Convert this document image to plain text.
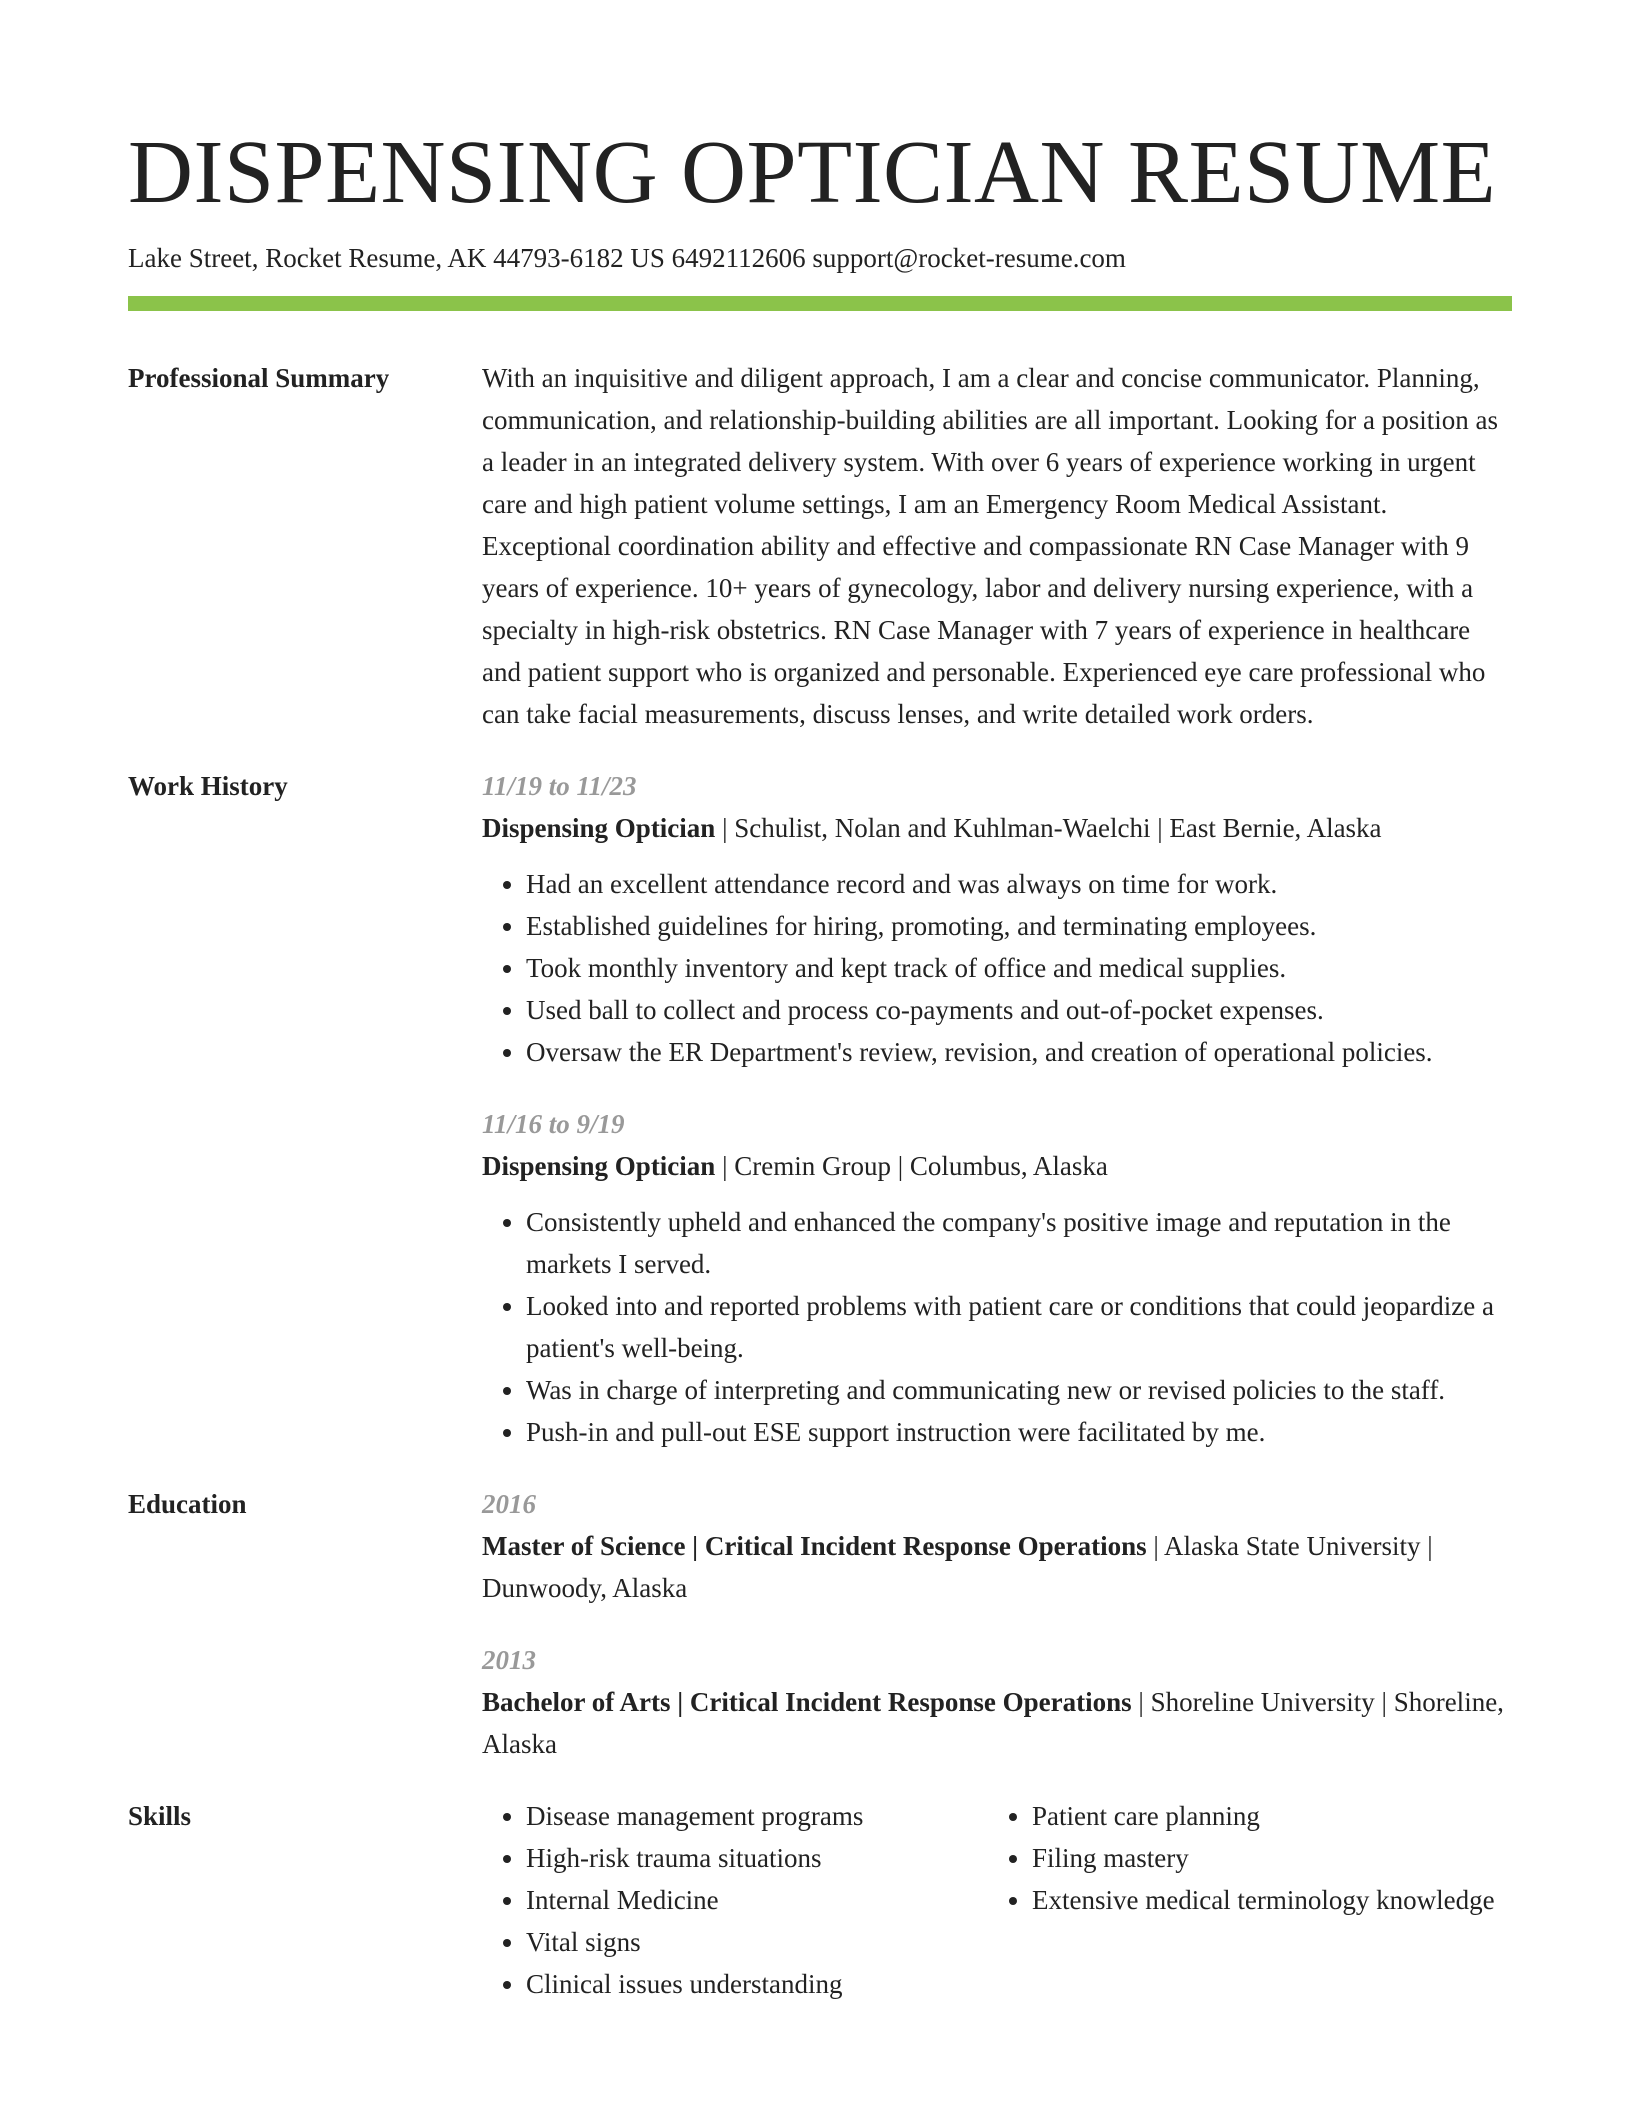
DISPENSING OPTICIAN RESUME
Lake Street, Rocket Resume, AK 44793-6182 US 6492112606 support@rocket-resume.com
Professional Summary	With an inquisitive and diligent approach, I am a clear and concise communicator. Planning, communication, and relationship-building abilities are all important. Looking for a position as a leader in an integrated delivery system. With over 6 years of experience working in urgent care and high patient volume settings, I am an Emergency Room Medical Assistant. Exceptional coordination ability and effective and compassionate RN Case Manager with 9 years of experience. 10+ years of gynecology, labor and delivery nursing experience, with a specialty in high-risk obstetrics. RN Case Manager with 7 years of experience in healthcare and patient support who is organized and personable. Experienced eye care professional who can take facial measurements, discuss lenses, and write detailed work orders.
Work History	11/19 to 11/23
Dispensing Optician | Schulist, Nolan and Kuhlman-Waelchi | East Bernie, Alaska
• Had an excellent attendance record and was always on time for work.
• Established guidelines for hiring, promoting, and terminating employees.
• Took monthly inventory and kept track of office and medical supplies.
• Used ball to collect and process co-payments and out-of-pocket expenses.
• Oversaw the ER Department's review, revision, and creation of operational policies.
11/16 to 9/19
Dispensing Optician | Cremin Group | Columbus, Alaska
• Consistently upheld and enhanced the company's positive image and reputation in the markets I served.
• Looked into and reported problems with patient care or conditions that could jeopardize a patient's well-being.
• Was in charge of interpreting and communicating new or revised policies to the staff.
• Push-in and pull-out ESE support instruction were facilitated by me.
Education	2016
Master of Science | Critical Incident Response Operations | Alaska State University | Dunwoody, Alaska
2013
Bachelor of Arts | Critical Incident Response Operations | Shoreline University | Shoreline, Alaska
Skills
•	Disease management programs
• High-risk trauma situations
• Internal Medicine
• Vital signs
• Clinical issues understanding
• Patient care planning
• Filing mastery
• Extensive medical terminology knowledge
